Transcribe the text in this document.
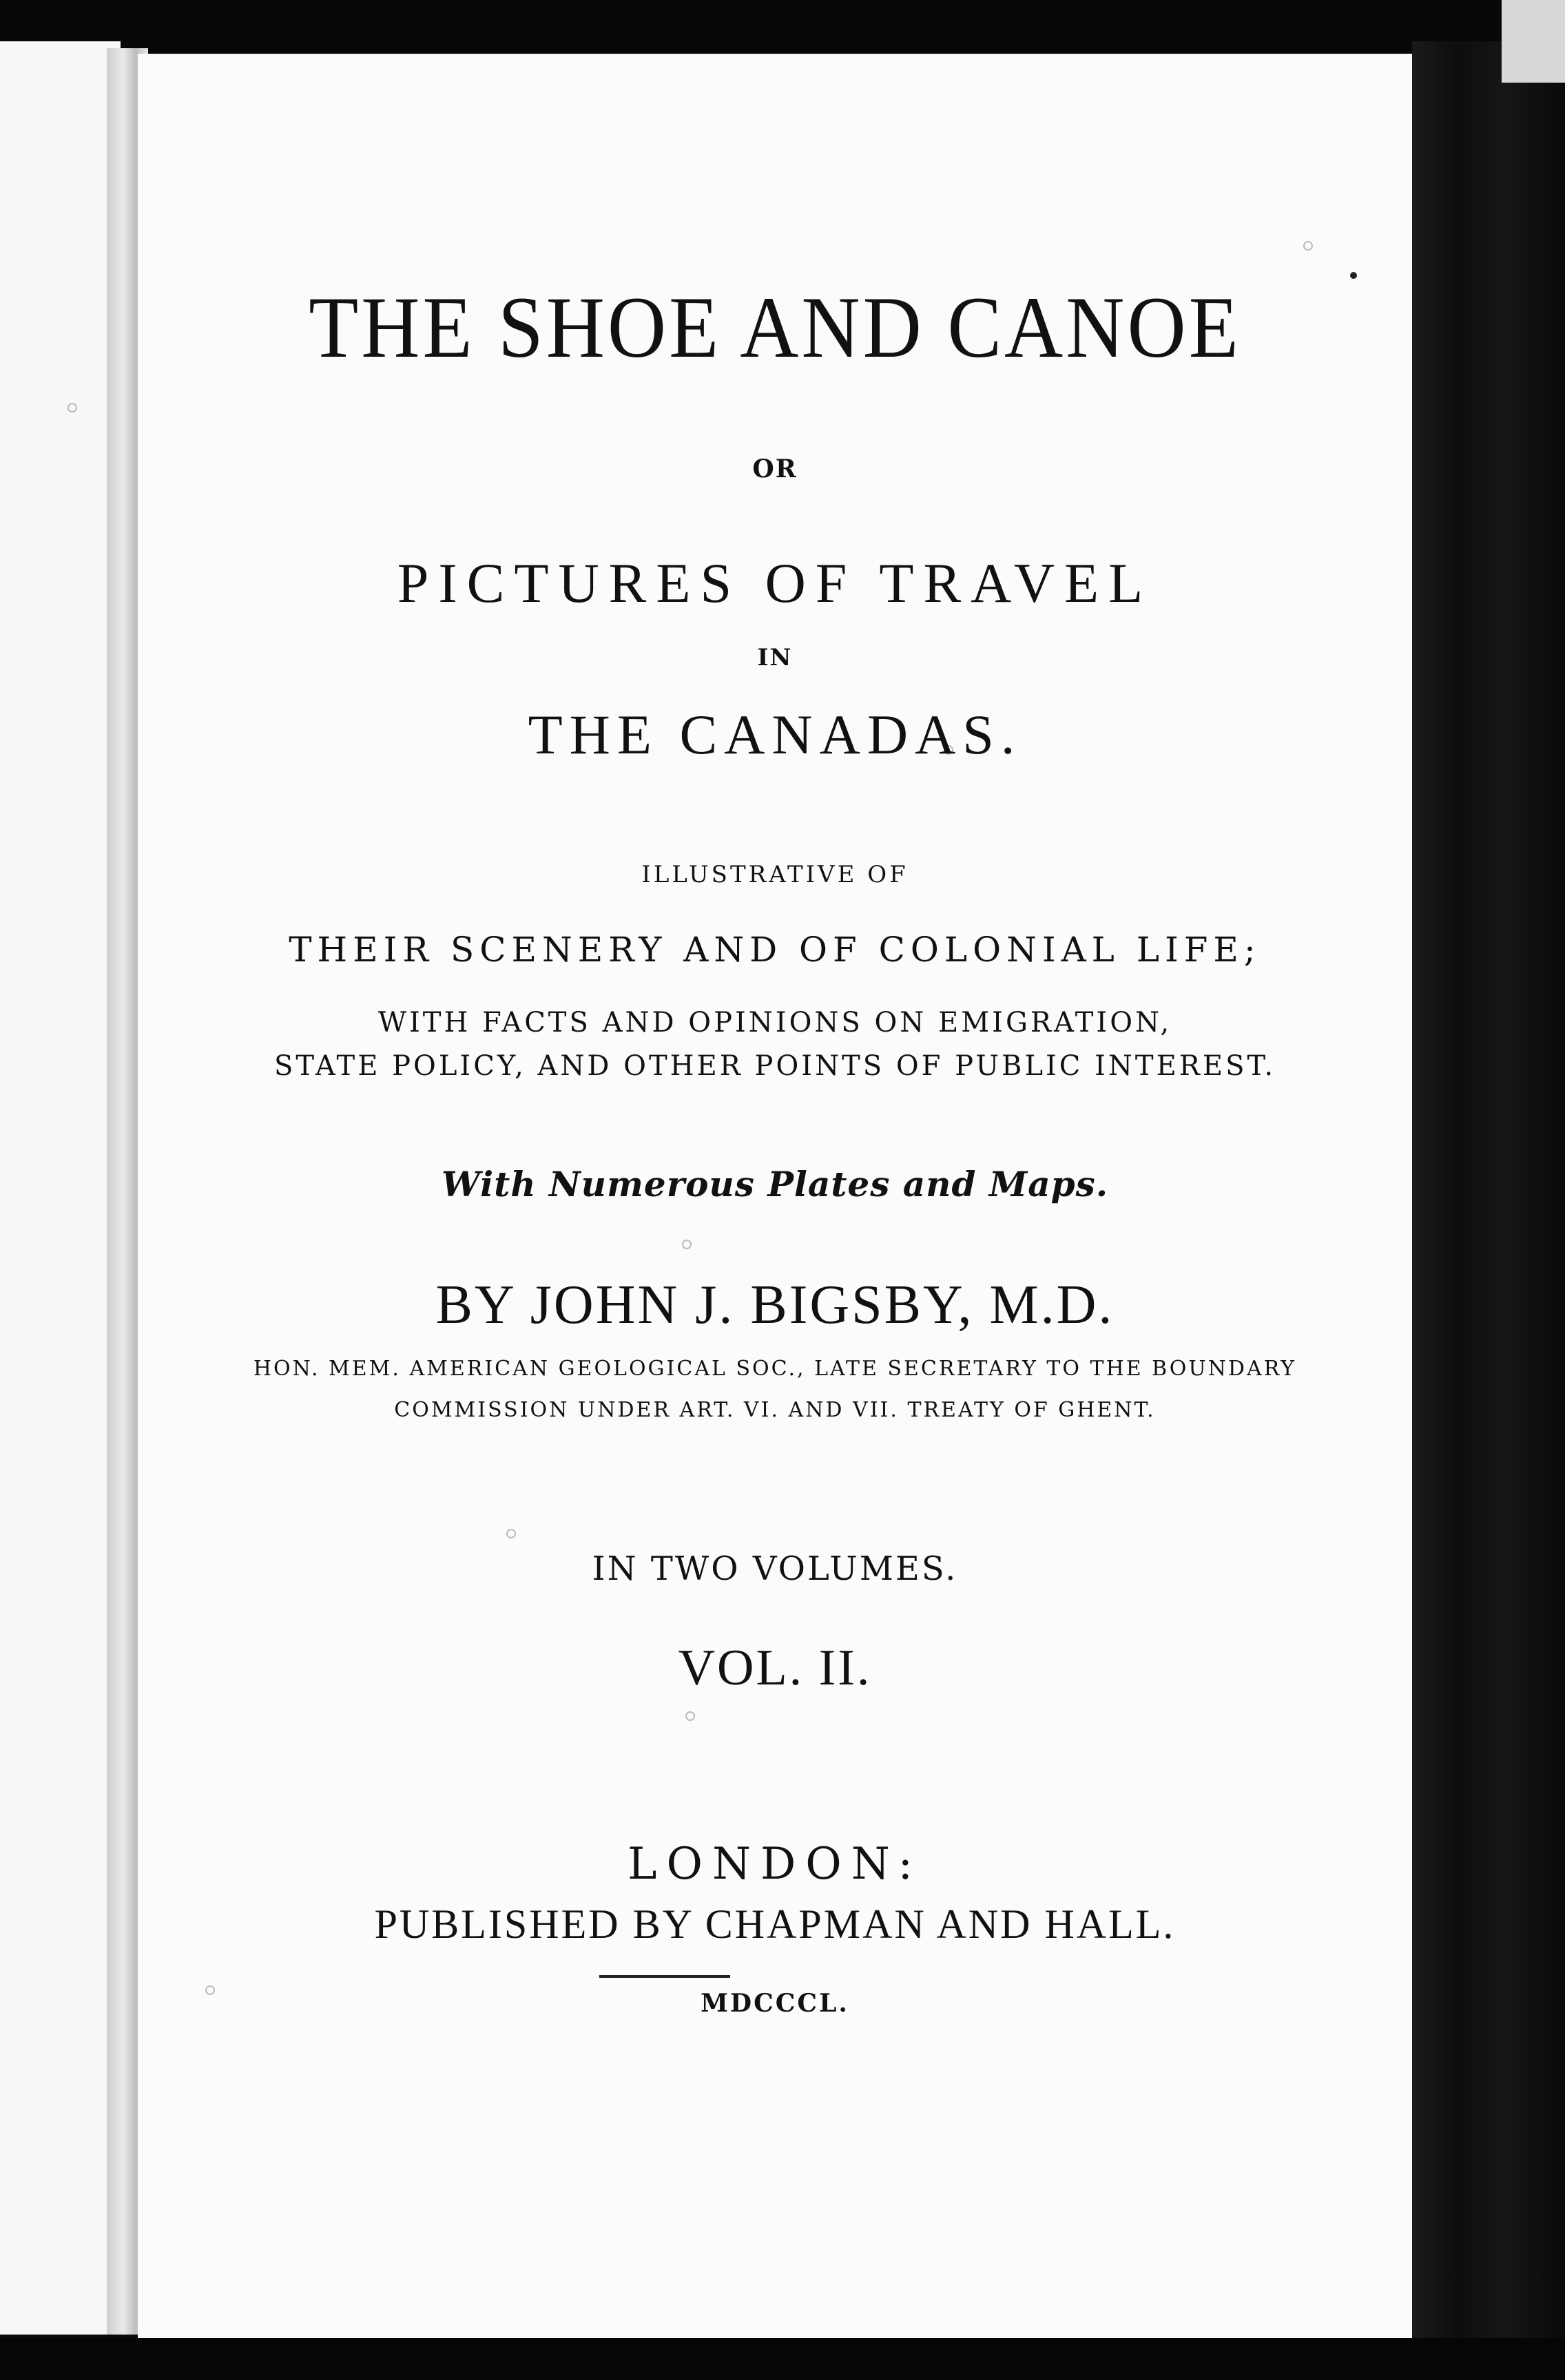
THE SHOE AND CANOE
OR
PICTURES OF TRAVEL
IN
THE CANADAS.
ILLUSTRATIVE OF
THEIR SCENERY AND OF COLONIAL LIFE;
WITH FACTS AND OPINIONS ON EMIGRATION,
STATE POLICY, AND OTHER POINTS OF PUBLIC INTEREST.
With Numerous Plates and Maps.
BY JOHN J. BIGSBY, M.D.
HON. MEM. AMERICAN GEOLOGICAL SOC., LATE SECRETARY TO THE BOUNDARY
COMMISSION UNDER ART. VI. AND VII. TREATY OF GHENT.
IN TWO VOLUMES.
VOL. II.
LONDON:
PUBLISHED BY CHAPMAN AND HALL.
MDCCCL.
